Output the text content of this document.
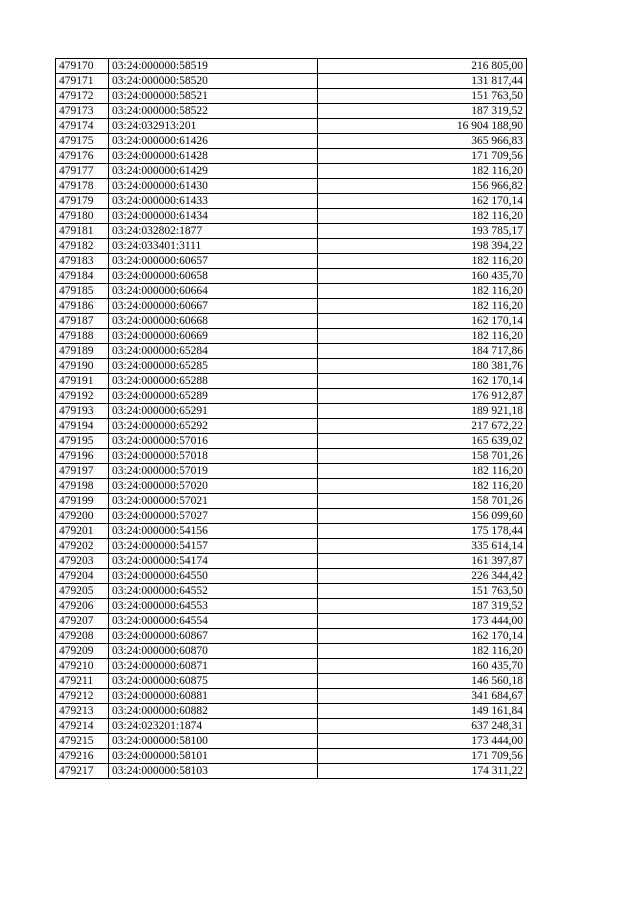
479170	03:24:000000:58519	216 805,00
479171	03:24:000000:58520	131 817,44
479172	03:24:000000:58521	151 763,50
479173	03:24:000000:58522	187 319,52
479174	03:24:032913:201	16 904 188,90
479175	03:24:000000:61426	365 966,83
479176	03:24:000000:61428	171 709,56
479177	03:24:000000:61429	182 116,20
479178	03:24:000000:61430	156 966,82
479179	03:24:000000:61433	162 170,14
479180	03:24:000000:61434	182 116,20
479181	03:24:032802:1877	193 785,17
479182	03:24:033401:3111	198 394,22
479183	03:24:000000:60657	182 116,20
479184	03:24:000000:60658	160 435,70
479185	03:24:000000:60664	182 116,20
479186	03:24:000000:60667	182 116,20
479187	03:24:000000:60668	162 170,14
479188	03:24:000000:60669	182 116,20
479189	03:24:000000:65284	184 717,86
479190	03:24:000000:65285	180 381,76
479191	03:24:000000:65288	162 170,14
479192	03:24:000000:65289	176 912,87
479193	03:24:000000:65291	189 921,18
479194	03:24:000000:65292	217 672,22
479195	03:24:000000:57016	165 639,02
479196	03:24:000000:57018	158 701,26
479197	03:24:000000:57019	182 116,20
479198	03:24:000000:57020	182 116,20
479199	03:24:000000:57021	158 701,26
479200	03:24:000000:57027	156 099,60
479201	03:24:000000:54156	175 178,44
479202	03:24:000000:54157	335 614,14
479203	03:24:000000:54174	161 397,87
479204	03:24:000000:64550	226 344,42
479205	03:24:000000:64552	151 763,50
479206	03:24:000000:64553	187 319,52
479207	03:24:000000:64554	173 444,00
479208	03:24:000000:60867	162 170,14
479209	03:24:000000:60870	182 116,20
479210	03:24:000000:60871	160 435,70
479211	03:24:000000:60875	146 560,18
479212	03:24:000000:60881	341 684,67
479213	03:24:000000:60882	149 161,84
479214	03:24:023201:1874	637 248,31
479215	03:24:000000:58100	173 444,00
479216	03:24:000000:58101	171 709,56
479217	03:24:000000:58103	174 311,22
